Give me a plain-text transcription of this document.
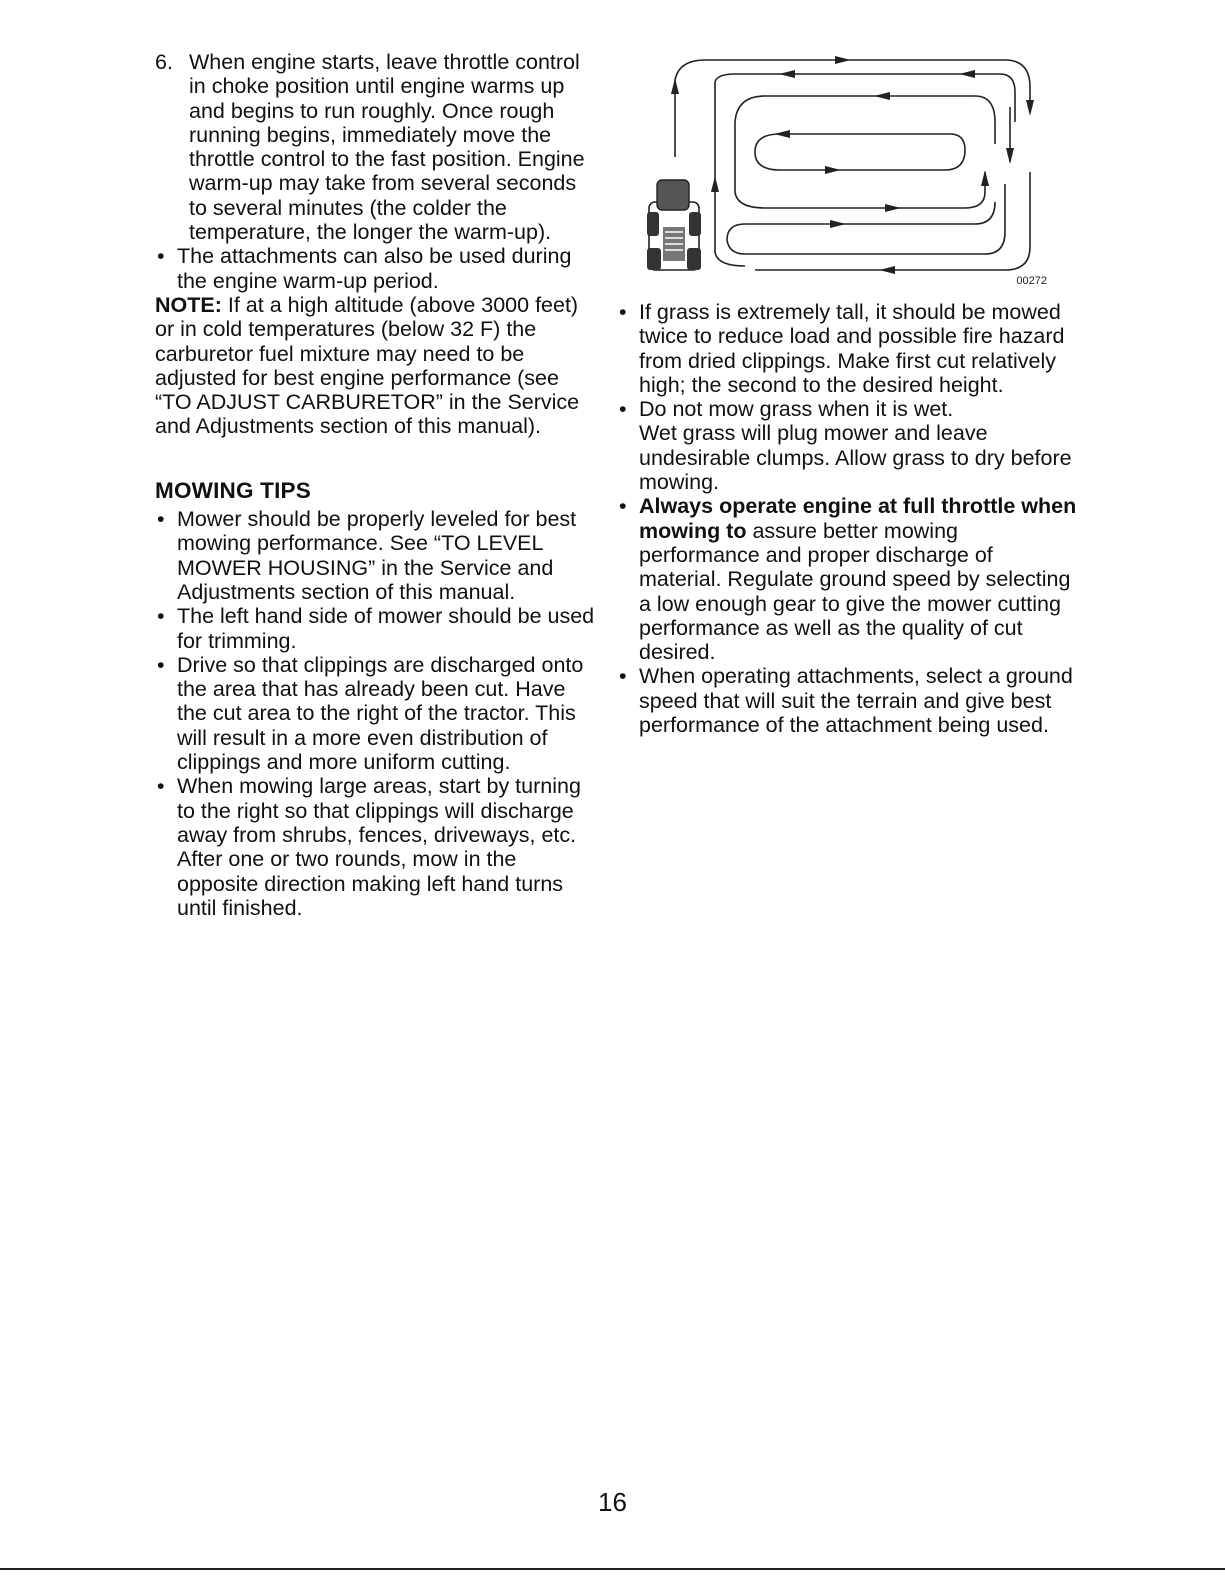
6. When engine starts, leave throttle control in choke position until engine warms up and begins to run roughly. Once rough running begins, immediately move the throttle control to the fast position. Engine warm-up may take from several seconds to several minutes (the colder the temperature, the longer the warm-up).
• The attachments can also be used during the engine warm-up period.

NOTE: If at a high altitude (above 3000 feet) or in cold temperatures (below 32 F) the carburetor fuel mixture may need to be adjusted for best engine performance (see “TO ADJUST CARBURETOR” in the Service and Adjustments section of this manual).

MOWING TIPS
• Mower should be properly leveled for best mowing performance. See “TO LEVEL MOWER HOUSING” in the Service and Adjustments section of this manual.
• The left hand side of mower should be used for trimming.
• Drive so that clippings are discharged onto the area that has already been cut. Have the cut area to the right of the tractor. This will result in a more even distribution of clippings and more uniform cutting.
• When mowing large areas, start by turning to the right so that clippings will discharge away from shrubs, fences, driveways, etc. After one or two rounds, mow in the opposite direction making left hand turns until finished.
00272
• If grass is extremely tall, it should be mowed twice to reduce load and possible fire hazard from dried clippings. Make first cut relatively high; the second to the desired height.
• Do not mow grass when it is wet.
Wet grass will plug mower and leave undesirable clumps. Allow grass to dry before mowing.
• Always operate engine at full throttle when mowing to assure better mowing performance and proper discharge of material. Regulate ground speed by selecting a low enough gear to give the mower cutting performance as well as the quality of cut desired.
• When operating attachments, select a ground speed that will suit the terrain and give best performance of the attachment being used.
16
